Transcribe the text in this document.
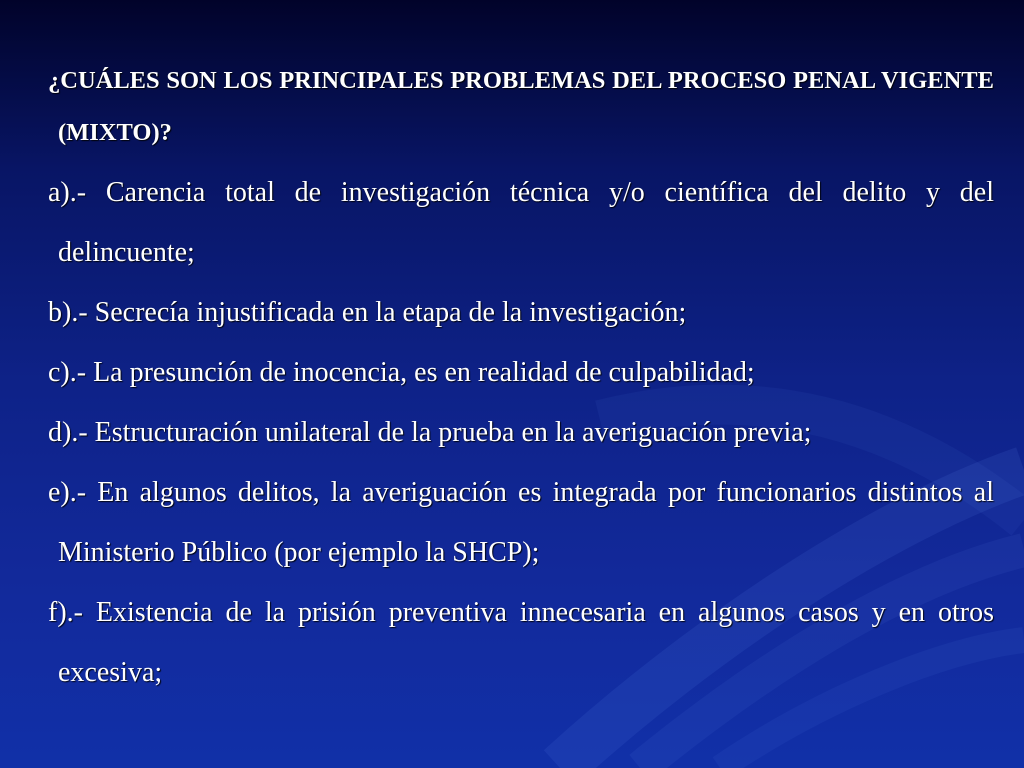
¿CUÁLES SON LOS PRINCIPALES PROBLEMAS DEL PROCESO PENAL VIGENTE (MIXTO)?

a).- Carencia total de investigación técnica y/o científica del delito y del delincuente;

b).- Secrecía injustificada en la etapa de la investigación;

c).- La presunción de inocencia, es en realidad de culpabilidad;

d).- Estructuración unilateral de la prueba en la averiguación previa;

e).- En algunos delitos, la averiguación es integrada por funcionarios distintos al Ministerio Público (por ejemplo la SHCP);

f).- Existencia de la prisión preventiva innecesaria en algunos casos y en otros excesiva;
